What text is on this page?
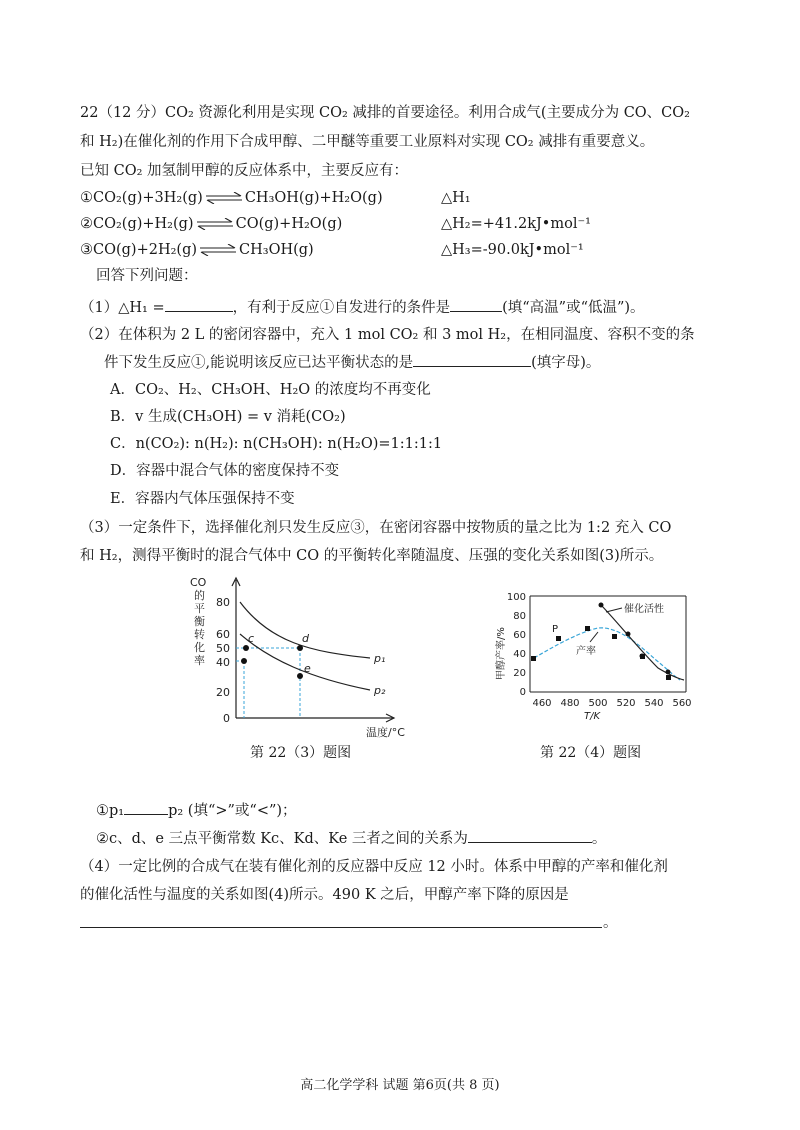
22（12 分）CO₂ 资源化利用是实现 CO₂ 减排的首要途径。利用合成气(主要成分为 CO、CO₂
和 H₂)在催化剂的作用下合成甲醇、二甲醚等重要工业原料对实现 CO₂ 减排有重要意义。
已知 CO₂ 加氢制甲醇的反应体系中，主要反应有：
①CO₂(g)+3H₂(g) ⇌ CH₃OH(g)+H₂O(g)	△H₁
②CO₂(g)+H₂(g) ⇌ CO(g)+H₂O(g)	△H₂=+41.2kJ•mol⁻¹
③CO(g)+2H₂(g) ⇌ CH₃OH(g)	△H₃=-90.0kJ•mol⁻¹
回答下列问题：
（1）△H₁ =	，有利于反应①自发进行的条件是	(填“高温”或“低温”)。
（2）在体积为 2 L 的密闭容器中，充入 1 mol CO₂ 和 3 mol H₂，在相同温度、容积不变的条
件下发生反应①,能说明该反应已达平衡状态的是	(填字母)。
A．CO₂、H₂、CH₃OH、H₂O 的浓度均不再变化
B．v 生成(CH₃OH) = v 消耗(CO₂)
C．n(CO₂): n(H₂): n(CH₃OH): n(H₂O)=1:1:1:1
D．容器中混合气体的密度保持不变
E．容器内气体压强保持不变
（3）一定条件下，选择催化剂只发生反应③，在密闭容器中按物质的量之比为 1:2 充入 CO
和 H₂，测得平衡时的混合气体中 CO 的平衡转化率随温度、压强的变化关系如图(3)所示。
CO
的
平
衡
转
化
率
0
20
40
50
60
80
c	d
e
p₁
p₂
温度/°C
第 22（3）题图
甲醇产率/%
0
20
40
60
80
100
460 480 500 520 540 560
T/K
催化活性
产率
P
第 22（4）题图
①p₁	p₂ (填“>”或“<”)；
②c、d、e 三点平衡常数 Kc、Kd、Ke 三者之间的关系为	。
（4）一定比例的合成气在装有催化剂的反应器中反应 12 小时。体系中甲醇的产率和催化剂
的催化活性与温度的关系如图(4)所示。490 K 之后，甲醇产率下降的原因是
。
高二化学学科 试题 第6页(共 8 页)
